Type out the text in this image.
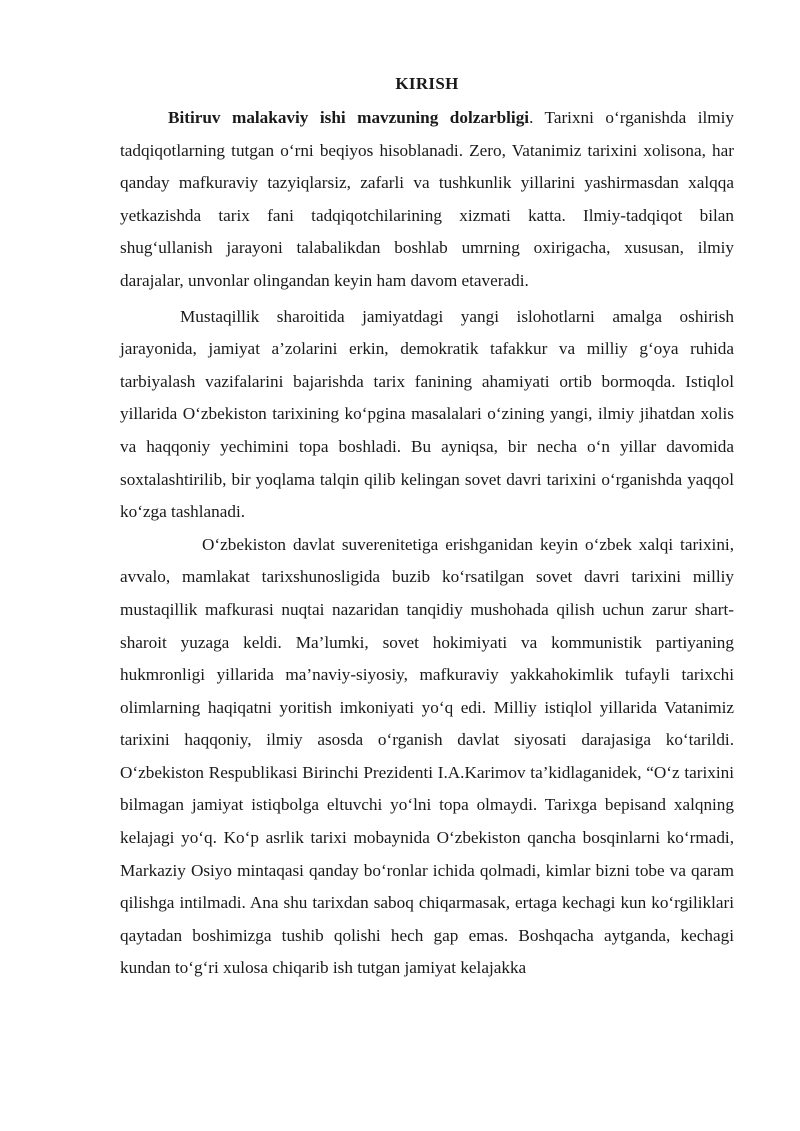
KIRISH

Bitiruv malakaviy ishi mavzuning dolzarbligi. Tarixni o‘rganishda ilmiy tadqiqotlarning tutgan o‘rni beqiyos hisoblanadi. Zero, Vatanimiz tarixini xolisona, har qanday mafkuraviy tazyiqlarsiz, zafarli va tushkunlik yillarini yashirmasdan xalqqa yetkazishda tarix fani tadqiqotchilarining xizmati katta. Ilmiy-tadqiqot bilan shug‘ullanish jarayoni talabalikdan boshlab umrning oxirigacha, xususan, ilmiy darajalar, unvonlar olingandan keyin ham davom etaveradi.

Mustaqillik sharoitida jamiyatdagi yangi islohotlarni amalga oshirish jarayonida, jamiyat a’zolarini erkin, demokratik tafakkur va milliy g‘oya ruhida tarbiyalash vazifalarini bajarishda tarix fanining ahamiyati ortib bormoqda. Istiqlol yillarida O‘zbekiston tarixining ko‘pgina masalalari o‘zining yangi, ilmiy jihatdan xolis va haqqoniy yechimini topa boshladi. Bu ayniqsa, bir necha o‘n yillar davomida soxtalashtirilib, bir yoqlama talqin qilib kelingan sovet davri tarixini o‘rganishda yaqqol ko‘zga tashlanadi.

O‘zbekiston davlat suverenitetiga erishganidan keyin o‘zbek xalqi tarixini, avvalo, mamlakat tarixshunosligida buzib ko‘rsatilgan sovet davri tarixini milliy mustaqillik mafkurasi nuqtai nazaridan tanqidiy mushohada qilish uchun zarur shart-sharoit yuzaga keldi. Ma’lumki, sovet hokimiyati va kommunistik partiyaning hukmronligi yillarida ma’naviy-siyosiy, mafkuraviy yakkahokimlik tufayli tarixchi olimlarning haqiqatni yoritish imkoniyati yo‘q edi. Milliy istiqlol yillarida Vatanimiz tarixini haqqoniy, ilmiy asosda o‘rganish davlat siyosati darajasiga ko‘tarildi. O‘zbekiston Respublikasi Birinchi Prezidenti I.A.Karimov ta’kidlaganidek, “O‘z tarixini bilmagan jamiyat istiqbolga eltuvchi yo‘lni topa olmaydi. Tarixga bepisand xalqning kelajagi yo‘q. Ko‘p asrlik tarixi mobaynida O‘zbekiston qancha bosqinlarni ko‘rmadi, Markaziy Osiyo mintaqasi qanday bo‘ronlar ichida qolmadi, kimlar bizni tobe va qaram qilishga intilmadi. Ana shu tarixdan saboq chiqarmasak, ertaga kechagi kun ko‘rgiliklari qaytadan boshimizga tushib qolishi hech gap emas. Boshqacha aytganda, kechagi kundan to‘g‘ri xulosa chiqarib ish tutgan jamiyat kelajakka
